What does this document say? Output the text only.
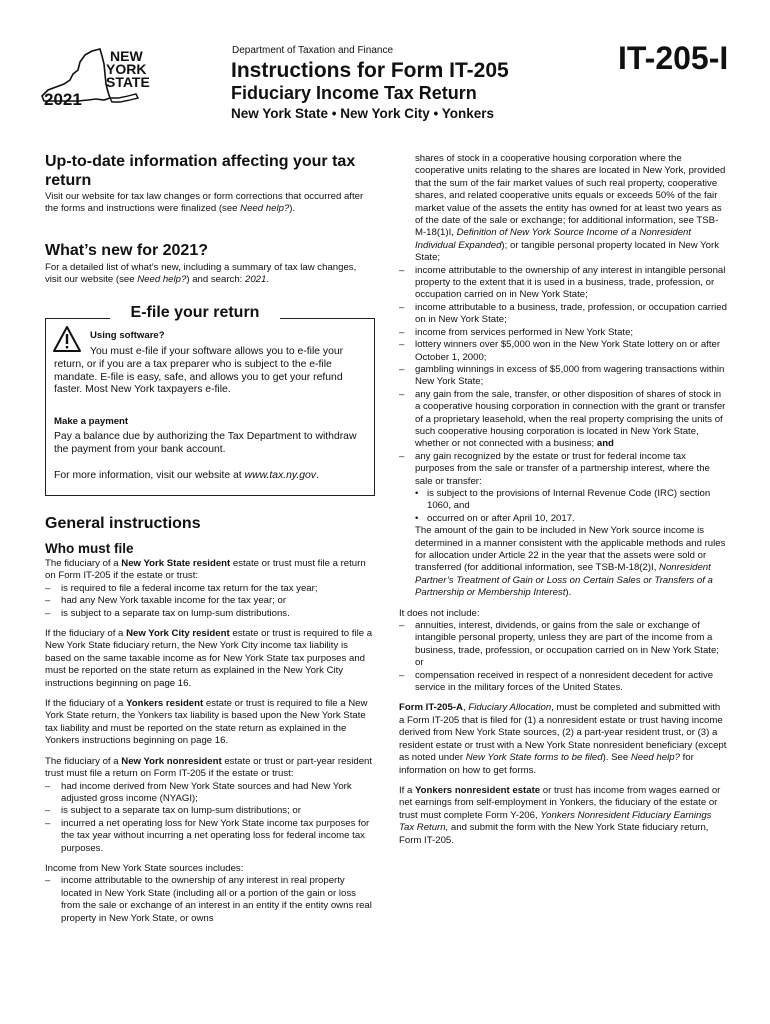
NEW
YORK
STATE
2021
Department of Taxation and Finance
Instructions for Form IT-205
Fiduciary Income Tax Return
New York State • New York City • Yonkers
IT-205-I
Up-to-date information affecting your tax return

Visit our website for tax law changes or form corrections that occurred after the forms and instructions were finalized (see Need help?).

What’s new for 2021?

For a detailed list of what’s new, including a summary of tax law changes, visit our website (see Need help?) and search: 2021.

E-file your return
Using software?

You must e-file if your software allows you to e-file your return, or if you are a tax preparer who is subject to the e-file mandate. E-file is easy, safe, and allows you to get your refund faster. Most New York taxpayers e-file.

Make a payment

Pay a balance due by authorizing the Tax Department to withdraw the payment from your bank account.

For more information, visit our website at www.tax.ny.gov.

General instructions
Who must file

The fiduciary of a New York State resident estate or trust must file a return on Form IT-205 if the estate or trust:

– is required to file a federal income tax return for the tax year;

– had any New York taxable income for the tax year; or

– is subject to a separate tax on lump-sum distributions.

If the fiduciary of a New York City resident estate or trust is required to file a New York State fiduciary return, the New York City income tax liability is based on the same taxable income as for New York State tax purposes and must be reported on the state return as explained in the New York City instructions beginning on page 16.

If the fiduciary of a Yonkers resident estate or trust is required to file a New York State return, the Yonkers tax liability is based upon the New York State tax liability and must be reported on the state return as explained in the Yonkers instructions beginning on page 16.

The fiduciary of a New York nonresident estate or trust or part-year resident trust must file a return on Form IT-205 if the estate or trust:

– had income derived from New York State sources and had New York adjusted gross income (NYAGI);

– is subject to a separate tax on lump-sum distributions; or

– incurred a net operating loss for New York State income tax purposes for the tax year without incurring a net operating loss for federal income tax purposes.

Income from New York State sources includes:

– income attributable to the ownership of any interest in real property located in New York State (including all or a portion of the gain or loss from the sale or exchange of an interest in an entity if the entity owns real property in New York State, or owns

shares of stock in a cooperative housing corporation where the cooperative units relating to the shares are located in New York, provided that the sum of the fair market values of such real property, cooperative shares, and related cooperative units equals or exceeds 50% of the fair market value of the assets the entity has owned for at least two years as of the date of the sale or exchange; for additional information, see TSB-M-18(1)I, Definition of New York Source Income of a Nonresident Individual Expanded); or tangible personal property located in New York State;

– income attributable to the ownership of any interest in intangible personal property to the extent that it is used in a business, trade, profession, or occupation carried on in New York State;

– income attributable to a business, trade, profession, or occupation carried on in New York State;

– income from services performed in New York State;

– lottery winners over $5,000 won in the New York State lottery on or after October 1, 2000;

– gambling winnings in excess of $5,000 from wagering transactions within New York State;

– any gain from the sale, transfer, or other disposition of shares of stock in a cooperative housing corporation in connection with the grant or transfer of a proprietary leasehold, when the real property comprising the units of such cooperative housing corporation is located in New York State, whether or not connected with a business; and

– any gain recognized by the estate or trust for federal income tax purposes from the sale or transfer of a partnership interest, where the sale or transfer:

• is subject to the provisions of Internal Revenue Code (IRC) section 1060, and

• occurred on or after April 10, 2017.

The amount of the gain to be included in New York source income is determined in a manner consistent with the applicable methods and rules for allocation under Article 22 in the year that the assets were sold or transferred (for additional information, see TSB-M-18(2)I, Nonresident Partner’s Treatment of Gain or Loss on Certain Sales or Transfers of a Partnership or Membership Interest).

It does not include:

– annuities, interest, dividends, or gains from the sale or exchange of intangible personal property, unless they are part of the income from a business, trade, profession, or occupation carried on in New York State; or

– compensation received in respect of a nonresident decedent for active service in the military forces of the United States.

Form IT-205-A, Fiduciary Allocation, must be completed and submitted with a Form IT-205 that is filed for (1) a nonresident estate or trust having income derived from New York State sources, (2) a part-year resident trust, or (3) a resident estate or trust with a New York State nonresident beneficiary (except as noted under New York State forms to be filed). See Need help? for information on how to get forms.

If a Yonkers nonresident estate or trust has income from wages earned or net earnings from self-employment in Yonkers, the fiduciary of the estate or trust must complete Form Y-206, Yonkers Nonresident Fiduciary Earnings Tax Return, and submit the form with the New York State fiduciary return, Form IT-205.
